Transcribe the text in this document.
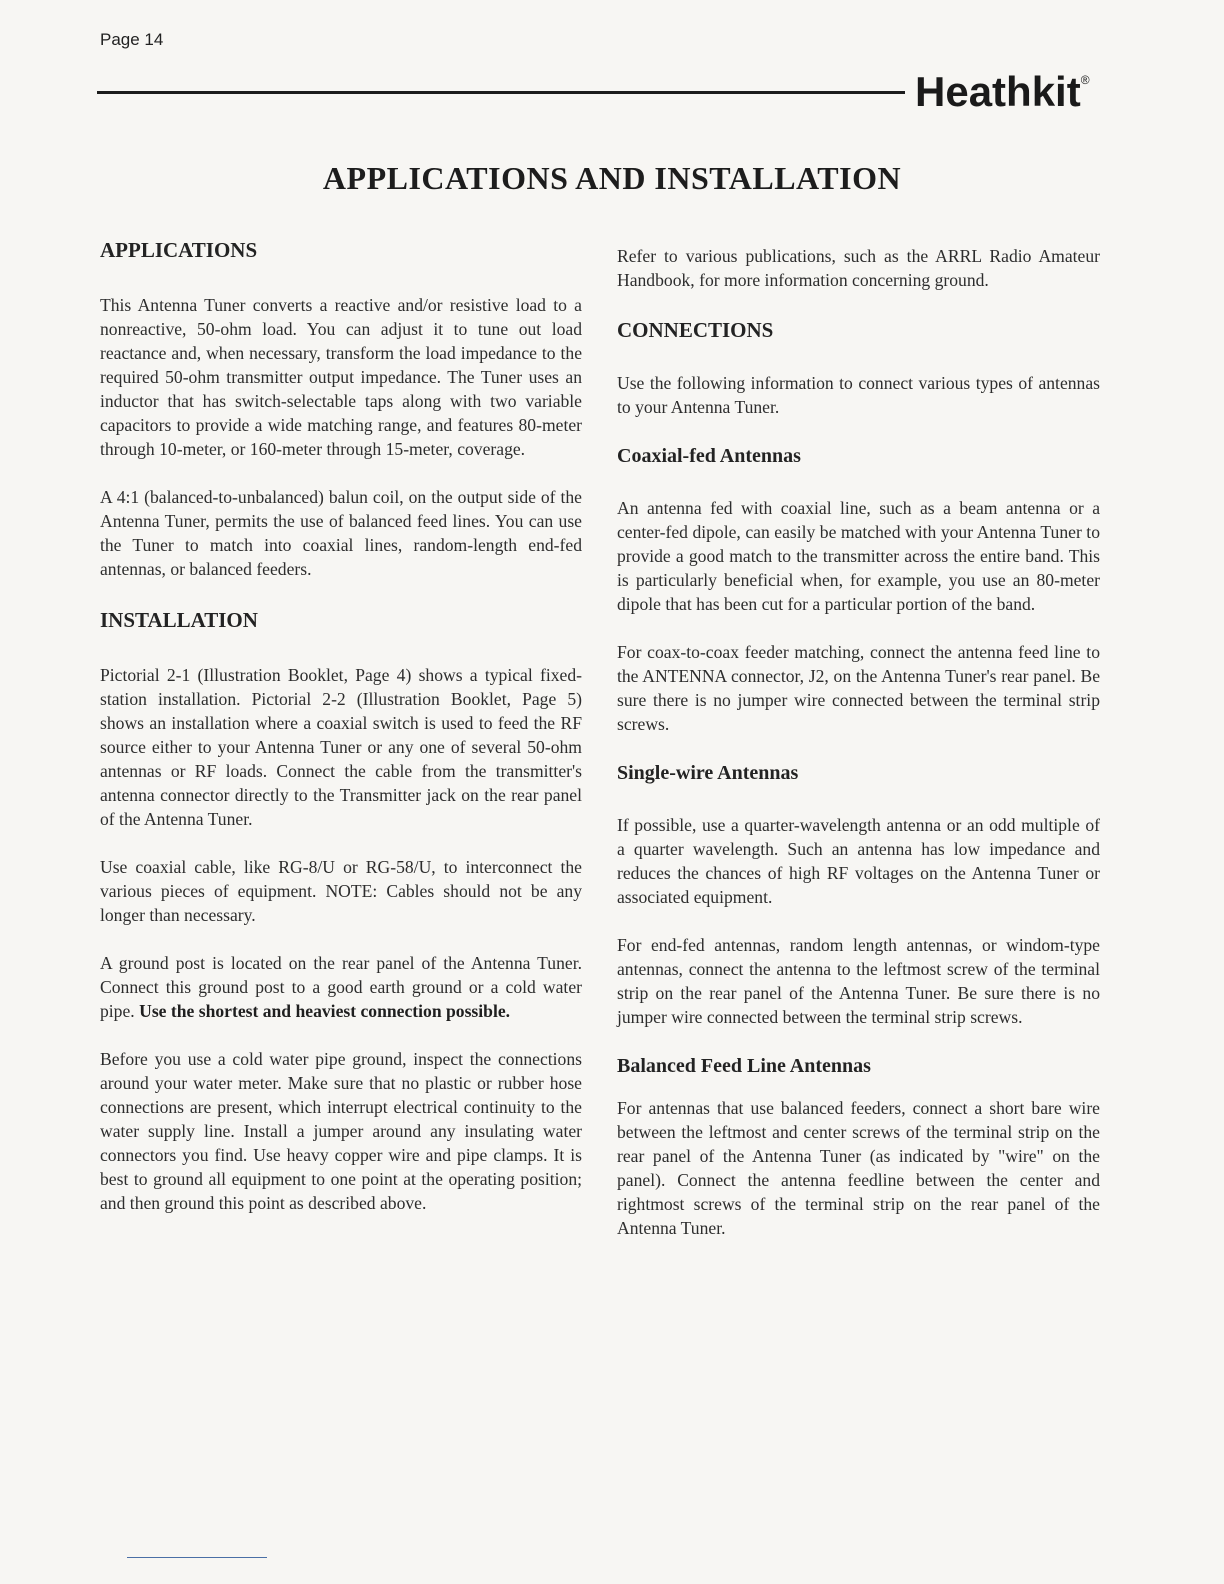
Page 14
Heathkit®
APPLICATIONS AND INSTALLATION
APPLICATIONS

This Antenna Tuner converts a reactive and/or resistive load to a nonreactive, 50-ohm load. You can adjust it to tune out load reactance and, when necessary, transform the load impedance to the required 50-ohm transmitter output impedance. The Tuner uses an inductor that has switch-selectable taps along with two variable capacitors to provide a wide matching range, and features 80-meter through 10-meter, or 160-meter through 15-meter, coverage.

A 4:1 (balanced-to-unbalanced) balun coil, on the output side of the Antenna Tuner, permits the use of balanced feed lines. You can use the Tuner to match into coaxial lines, random-length end-fed antennas, or balanced feeders.

INSTALLATION

Pictorial 2-1 (Illustration Booklet, Page 4) shows a typical fixed-station installation. Pictorial 2-2 (Illustration Booklet, Page 5) shows an installation where a coaxial switch is used to feed the RF source either to your Antenna Tuner or any one of several 50-ohm antennas or RF loads. Connect the cable from the transmitter's antenna connector directly to the Transmitter jack on the rear panel of the Antenna Tuner.

Use coaxial cable, like RG-8/U or RG-58/U, to interconnect the various pieces of equipment. NOTE: Cables should not be any longer than necessary.

A ground post is located on the rear panel of the Antenna Tuner. Connect this ground post to a good earth ground or a cold water pipe. Use the shortest and heaviest connection possible.

Before you use a cold water pipe ground, inspect the connections around your water meter. Make sure that no plastic or rubber hose connections are present, which interrupt electrical continuity to the water supply line. Install a jumper around any insulating water connectors you find. Use heavy copper wire and pipe clamps. It is best to ground all equipment to one point at the operating position; and then ground this point as described above.

Refer to various publications, such as the ARRL Radio Amateur Handbook, for more information concerning ground.

CONNECTIONS

Use the following information to connect various types of antennas to your Antenna Tuner.

Coaxial-fed Antennas

An antenna fed with coaxial line, such as a beam antenna or a center-fed dipole, can easily be matched with your Antenna Tuner to provide a good match to the transmitter across the entire band. This is particularly beneficial when, for example, you use an 80-meter dipole that has been cut for a particular portion of the band.

For coax-to-coax feeder matching, connect the antenna feed line to the ANTENNA connector, J2, on the Antenna Tuner's rear panel. Be sure there is no jumper wire connected between the terminal strip screws.

Single-wire Antennas

If possible, use a quarter-wavelength antenna or an odd multiple of a quarter wavelength. Such an antenna has low impedance and reduces the chances of high RF voltages on the Antenna Tuner or associated equipment.

For end-fed antennas, random length antennas, or windom-type antennas, connect the antenna to the leftmost screw of the terminal strip on the rear panel of the Antenna Tuner. Be sure there is no jumper wire connected between the terminal strip screws.

Balanced Feed Line Antennas

For antennas that use balanced feeders, connect a short bare wire between the leftmost and center screws of the terminal strip on the rear panel of the Antenna Tuner (as indicated by "wire" on the panel). Connect the antenna feedline between the center and rightmost screws of the terminal strip on the rear panel of the Antenna Tuner.
